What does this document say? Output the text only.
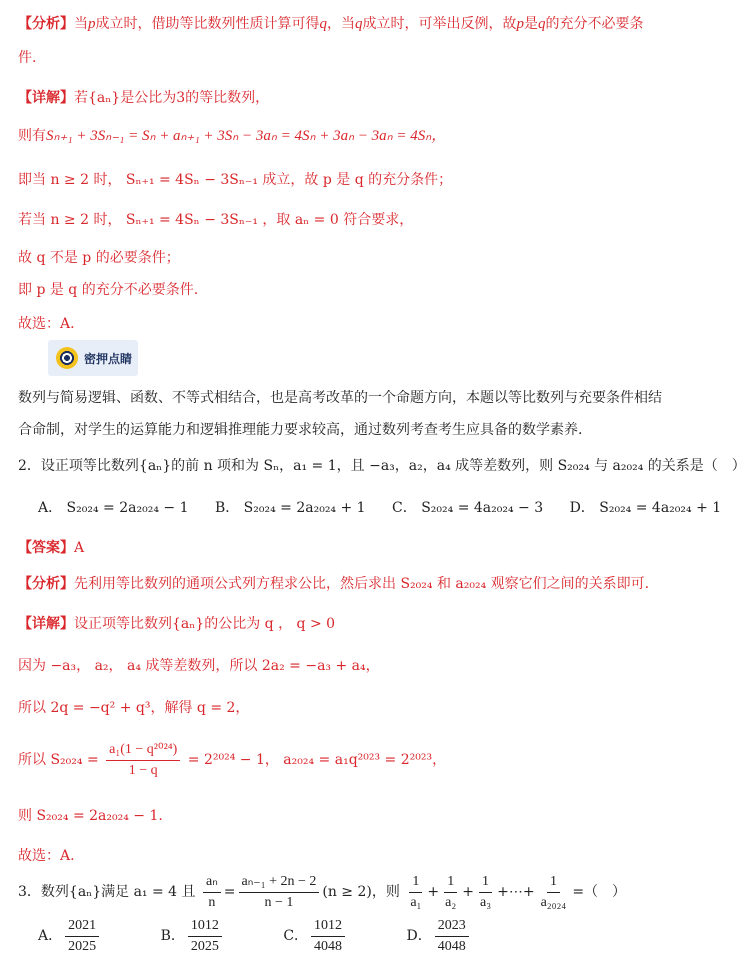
【分析】当p成立时，借助等比数列性质计算可得q，当q成立时，可举出反例，故p是q的充分不必要条
件.
【详解】若{aₙ}是公比为3的等比数列，
则有Sₙ₊₁ + 3Sₙ₋₁ = Sₙ + aₙ₊₁ + 3Sₙ − 3aₙ = 4Sₙ + 3aₙ − 3aₙ = 4Sₙ，
即当 n ≥ 2 时， Sₙ₊₁ = 4Sₙ − 3Sₙ₋₁ 成立，故 p 是 q 的充分条件；
若当 n ≥ 2 时， Sₙ₊₁ = 4Sₙ − 3Sₙ₋₁ ，取 aₙ = 0 符合要求，
故 q 不是 p 的必要条件；
即 p 是 q 的充分不必要条件.
故选：A.
密押点睛
数列与简易逻辑、函数、不等式相结合，也是高考改革的一个命题方向，本题以等比数列与充要条件相结
合命制，对学生的运算能力和逻辑推理能力要求较高，通过数列考查考生应具备的数学素养.
2．设正项等比数列{aₙ}的前 n 项和为 Sₙ，a₁ = 1，且 −a₃，a₂，a₄ 成等差数列，则 S₂₀₂₄ 与 a₂₀₂₄ 的关系是（　）
A． S₂₀₂₄ = 2a₂₀₂₄ − 1 B． S₂₀₂₄ = 2a₂₀₂₄ + 1 C． S₂₀₂₄ = 4a₂₀₂₄ − 3 D． S₂₀₂₄ = 4a₂₀₂₄ + 1
【答案】A
【分析】先利用等比数列的通项公式列方程求公比，然后求出 S₂₀₂₄ 和 a₂₀₂₄ 观察它们之间的关系即可.
【详解】设正项等比数列{aₙ}的公比为 q ， q > 0
因为 −a₃， a₂， a₄ 成等差数列，所以 2a₂ = −a₃ + a₄，
所以 2q = −q² + q³，解得 q = 2，
所以 $S_{2024} = \frac{\text{a₁(1 − q²⁰²⁴)}}{1 - q} = 2^{2024} - 1$， a₂₀₂₄ = a₁q²⁰²³ = 2²⁰²³，
则 S₂₀₂₄ = 2a₂₀₂₄ − 1.
故选：A.
3．数列{aₙ}满足 a₁ = 4 且 $\frac{\text{aₙ}}{n} = \frac{\text{aₙ₋₁ + 2n − 2}}{n - 1} (n \ge 2)$，则 $\frac{1}{\text{a₁}} + \frac{1}{\text{a₂}} + \frac{1}{\text{a₃}}$ +⋯+ $\frac{1}{\text{a₂₀₂₄}}$ =（　）
A． $\frac{2021}{2025}$	B． $\frac{1012}{2025}$	C． $\frac{1012}{4048}$	D． $\frac{2023}{4048}$
